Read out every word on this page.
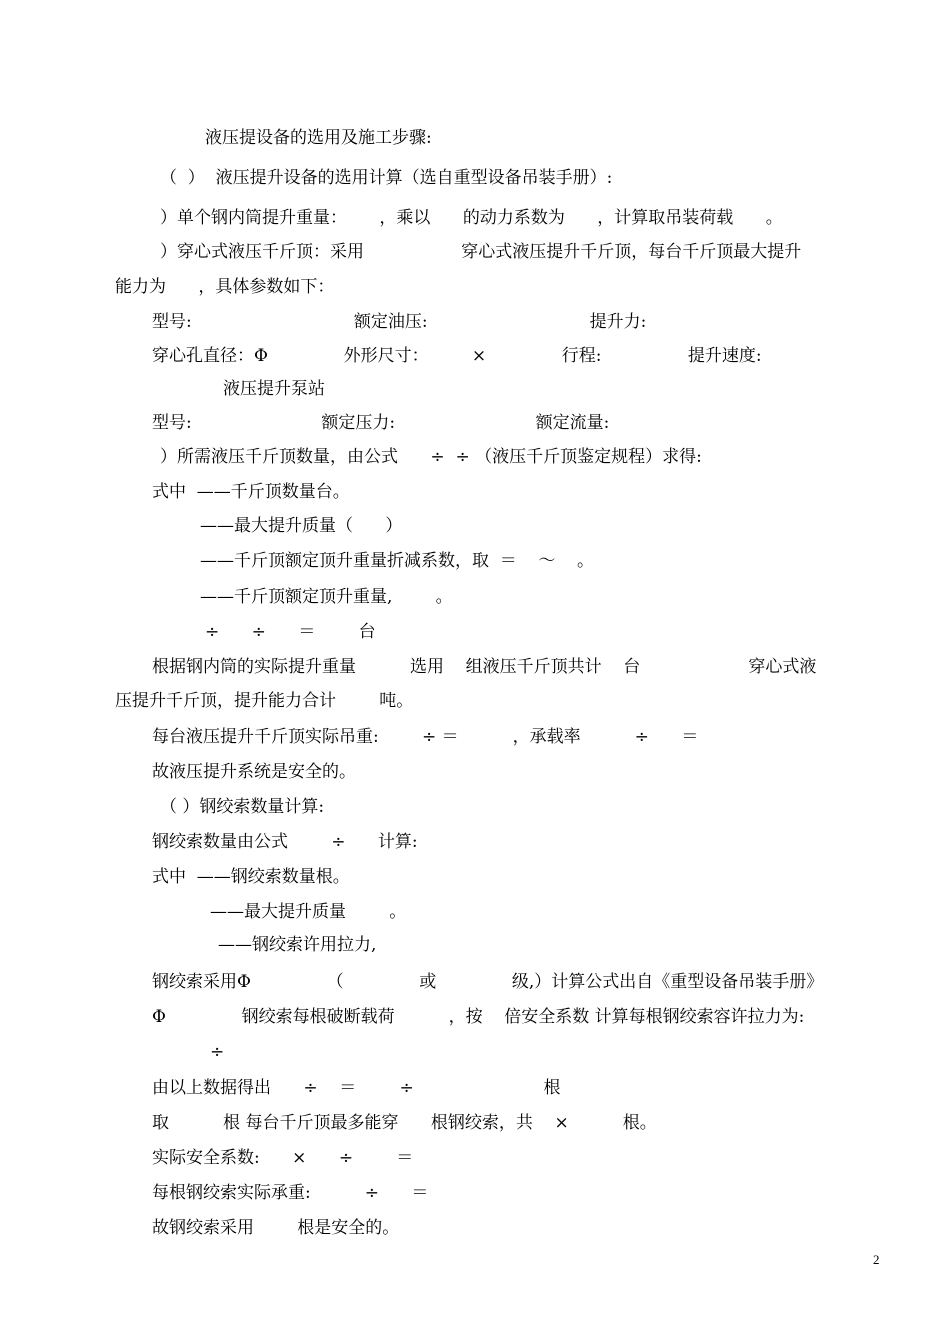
液压提设备的选用及施工步骤:
（  ）  液压提升设备的选用计算（选自重型设备吊装手册）:
）单个钢内筒提升重量：      ，乘以      的动力系数为      ，计算取吊装荷载      。
）穿心式液压千斤顶：采用                  穿心式液压提升千斤顶，每台千斤顶最大提升
能力为      ，具体参数如下：
型号:                              额定油压:                              提升力:
穿心孔直径：Φ              外形尺寸：        ×              行程:                提升速度:
液压提升泵站
型号:                        额定压力:                          额定流量:
）所需液压千斤顶数量，由公式      ÷  ÷ （液压千斤顶鉴定规程）求得:
式中  ——千斤顶数量台。
——最大提升质量（      ）
——千斤顶额定顶升重量折减系数，取  ＝    ～    。
——千斤顶额定顶升重量,        。
÷      ÷      ＝        台
根据钢内筒的实际提升重量          选用    组液压千斤顶共计    台                    穿心式液
压提升千斤顶，提升能力合计        吨。
每台液压提升千斤顶实际吊重:        ÷ ＝          ，承载率          ÷      ＝
故液压提升系统是安全的。
（ ）钢绞索数量计算:
钢绞索数量由公式        ÷      计算:
式中  ——钢绞索数量根。
——最大提升质量        。
——钢绞索许用拉力,
钢绞索采用Φ              （              或              级,）计算公式出自《重型设备吊装手册》
Φ              钢绞索每根破断载荷          ，按    倍安全系数 计算每根钢绞索容许拉力为:
÷
由以上数据得出      ÷    ＝        ÷                        根
取          根 每台千斤顶最多能穿      根钢绞索，共    ×          根。
实际安全系数:      ×      ÷        ＝
每根钢绞索实际承重:          ÷      ＝
故钢绞索采用        根是安全的。
2
